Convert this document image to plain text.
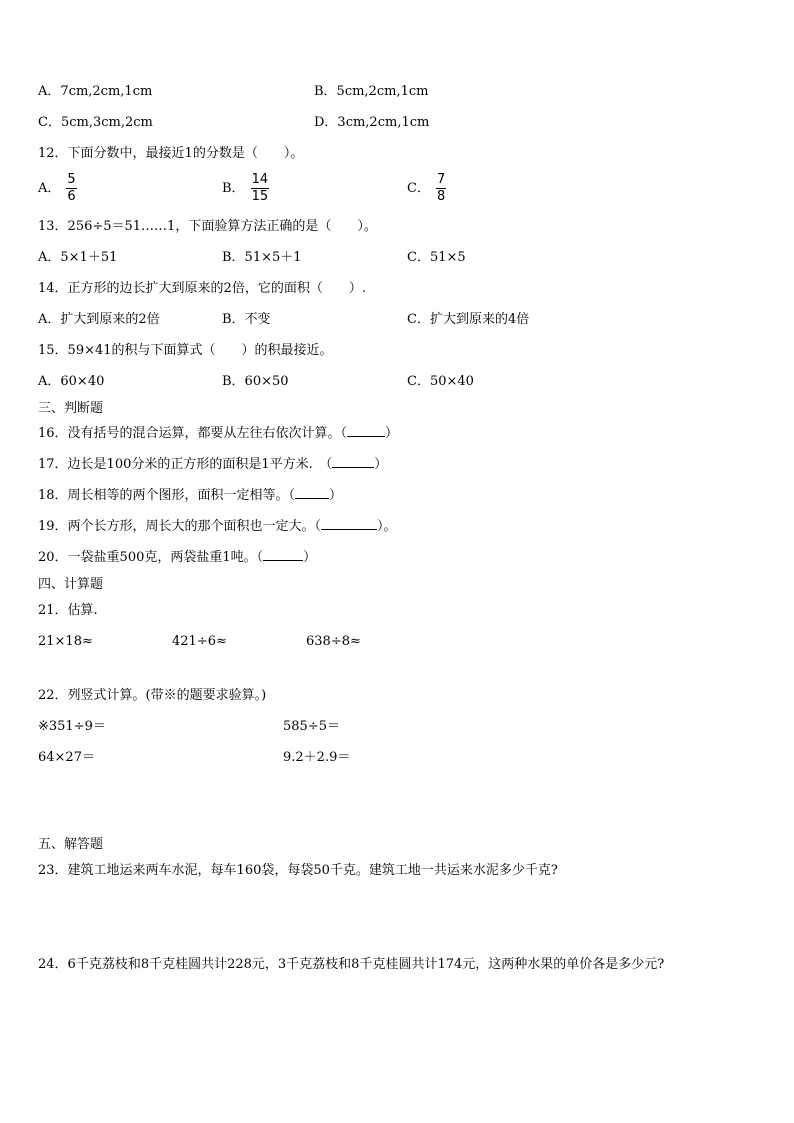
A．7cm,2cm,1cm	B．5cm,2cm,1cm
C．5cm,3cm,2cm	D．3cm,2cm,1cm
12．下面分数中，最接近1的分数是（　　）。
A． $\frac{5}{6}$	B． $\frac{14}{15}$	C． $\frac{7}{8}$
13．256÷5＝51……1，下面验算方法正确的是（　　）。
A．5×1＋51	B．51×5＋1	C．51×5
14．正方形的边长扩大到原来的2倍，它的面积（　　）.
A．扩大到原来的2倍	B．不变	C．扩大到原来的4倍
15．59×41的积与下面算式（　　）的积最接近。
A．60×40	B．60×50	C．50×40
三、判断题
16．没有括号的混合运算，都要从左往右依次计算。（	）
17．边长是100分米的正方形的面积是1平方米.　（	）
18．周长相等的两个图形，面积一定相等。（	）
19．两个长方形，周长大的那个面积也一定大。（	）。
20．一袋盐重500克，两袋盐重1吨。（	）
四、计算题
21．估算.
21×18≈	421÷6≈	638÷8≈
22．列竖式计算。(带※的题要求验算。)
※351÷9＝	585÷5＝
64×27＝	9.2＋2.9＝
五、解答题
23．建筑工地运来两车水泥，每车160袋，每袋50千克。建筑工地一共运来水泥多少千克?
24．6千克荔枝和8千克桂圆共计228元，3千克荔枝和8千克桂圆共计174元，这两种水果的单价各是多少元?
